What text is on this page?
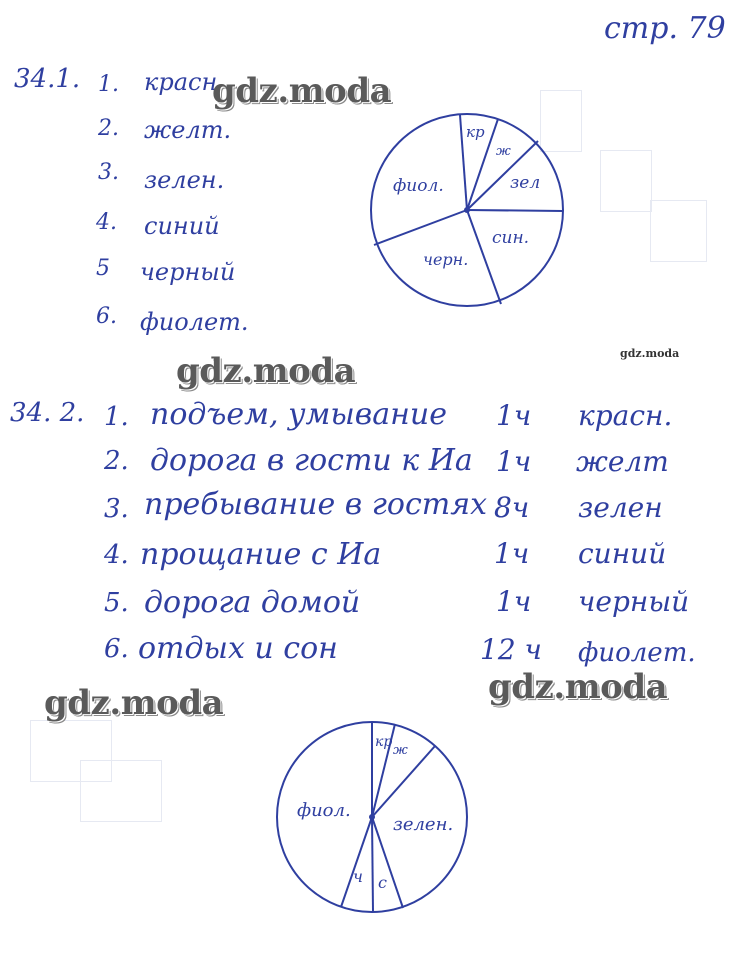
стр. 79
34.1. 1. красн.
2. желт.
3. зелен.
4. синий
5 черный
6. фиолет.
кр
ж
зел
син.
черн.
фиол.
gdz.moda
gdz.moda	gdz.moda
gdz.moda	gdz.moda
34. 2. 1. подъем, умывание 1ч красн.
2. дорога в гости к Иа 1ч желт
3. пребывание в гостях 8ч зелен
4. прощание с Иа	1ч синий
5. дорога домой	1ч черный
6. отдых и сон	12 ч фиолет.
кр
ж
зелен.
с
ч
фиол.
